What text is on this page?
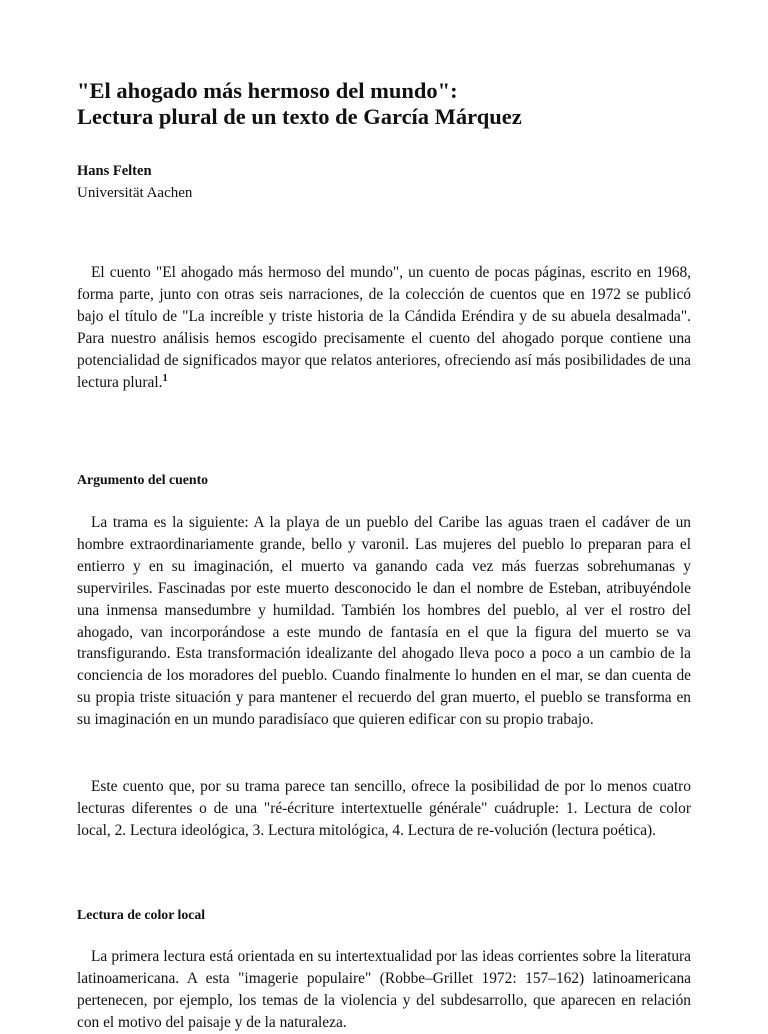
"El ahogado más hermoso del mundo":

Lectura plural de un texto de García Márquez

Hans Felten
Universität Aachen

El cuento "El ahogado más hermoso del mundo", un cuento de pocas páginas, escrito en 1968, forma parte, junto con otras seis narraciones, de la colección de cuentos que en 1972 se publicó bajo el título de "La increíble y triste historia de la Cándida Eréndira y de su abuela desalmada". Para nuestro análisis hemos escogido precisamente el cuento del ahogado porque contiene una potencialidad de significados mayor que relatos anteriores, ofreciendo así más posibilidades de una lectura plural.$^1$

Argumento del cuento

La trama es la siguiente: A la playa de un pueblo del Caribe las aguas traen el cadáver de un hombre extraordinariamente grande, bello y varonil. Las mujeres del pueblo lo preparan para el entierro y en su imaginación, el muerto va ganando cada vez más fuerzas sobrehumanas y superviriles. Fascinadas por este muerto desconocido le dan el nombre de Esteban, atribuyéndole una inmensa mansedumbre y humildad. También los hombres del pueblo, al ver el rostro del ahogado, van incorporándose a este mundo de fantasía en el que la figura del muerto se va transfigurando. Esta transformación idealizante del ahogado lleva poco a poco a un cambio de la conciencia de los moradores del pueblo. Cuando finalmente lo hunden en el mar, se dan cuenta de su propia triste situación y para mantener el recuerdo del gran muerto, el pueblo se transforma en su imaginación en un mundo paradisíaco que quieren edificar con su propio trabajo.

Este cuento que, por su trama parece tan sencillo, ofrece la posibilidad de por lo menos cuatro lecturas diferentes o de una "ré-écriture intertextuelle générale" cuádruple: 1. Lectura de color local, 2. Lectura ideológica, 3. Lectura mitológica, 4. Lectura de re-volución (lectura poética).

Lectura de color local

La primera lectura está orientada en su intertextualidad por las ideas corrientes sobre la literatura latinoamericana. A esta "imagerie populaire" (Robbe–Grillet 1972: 157–162) latinoamericana pertenecen, por ejemplo, los temas de la violencia y del subdesarrollo, que aparecen en relación con el motivo del paisaje y de la naturaleza.
